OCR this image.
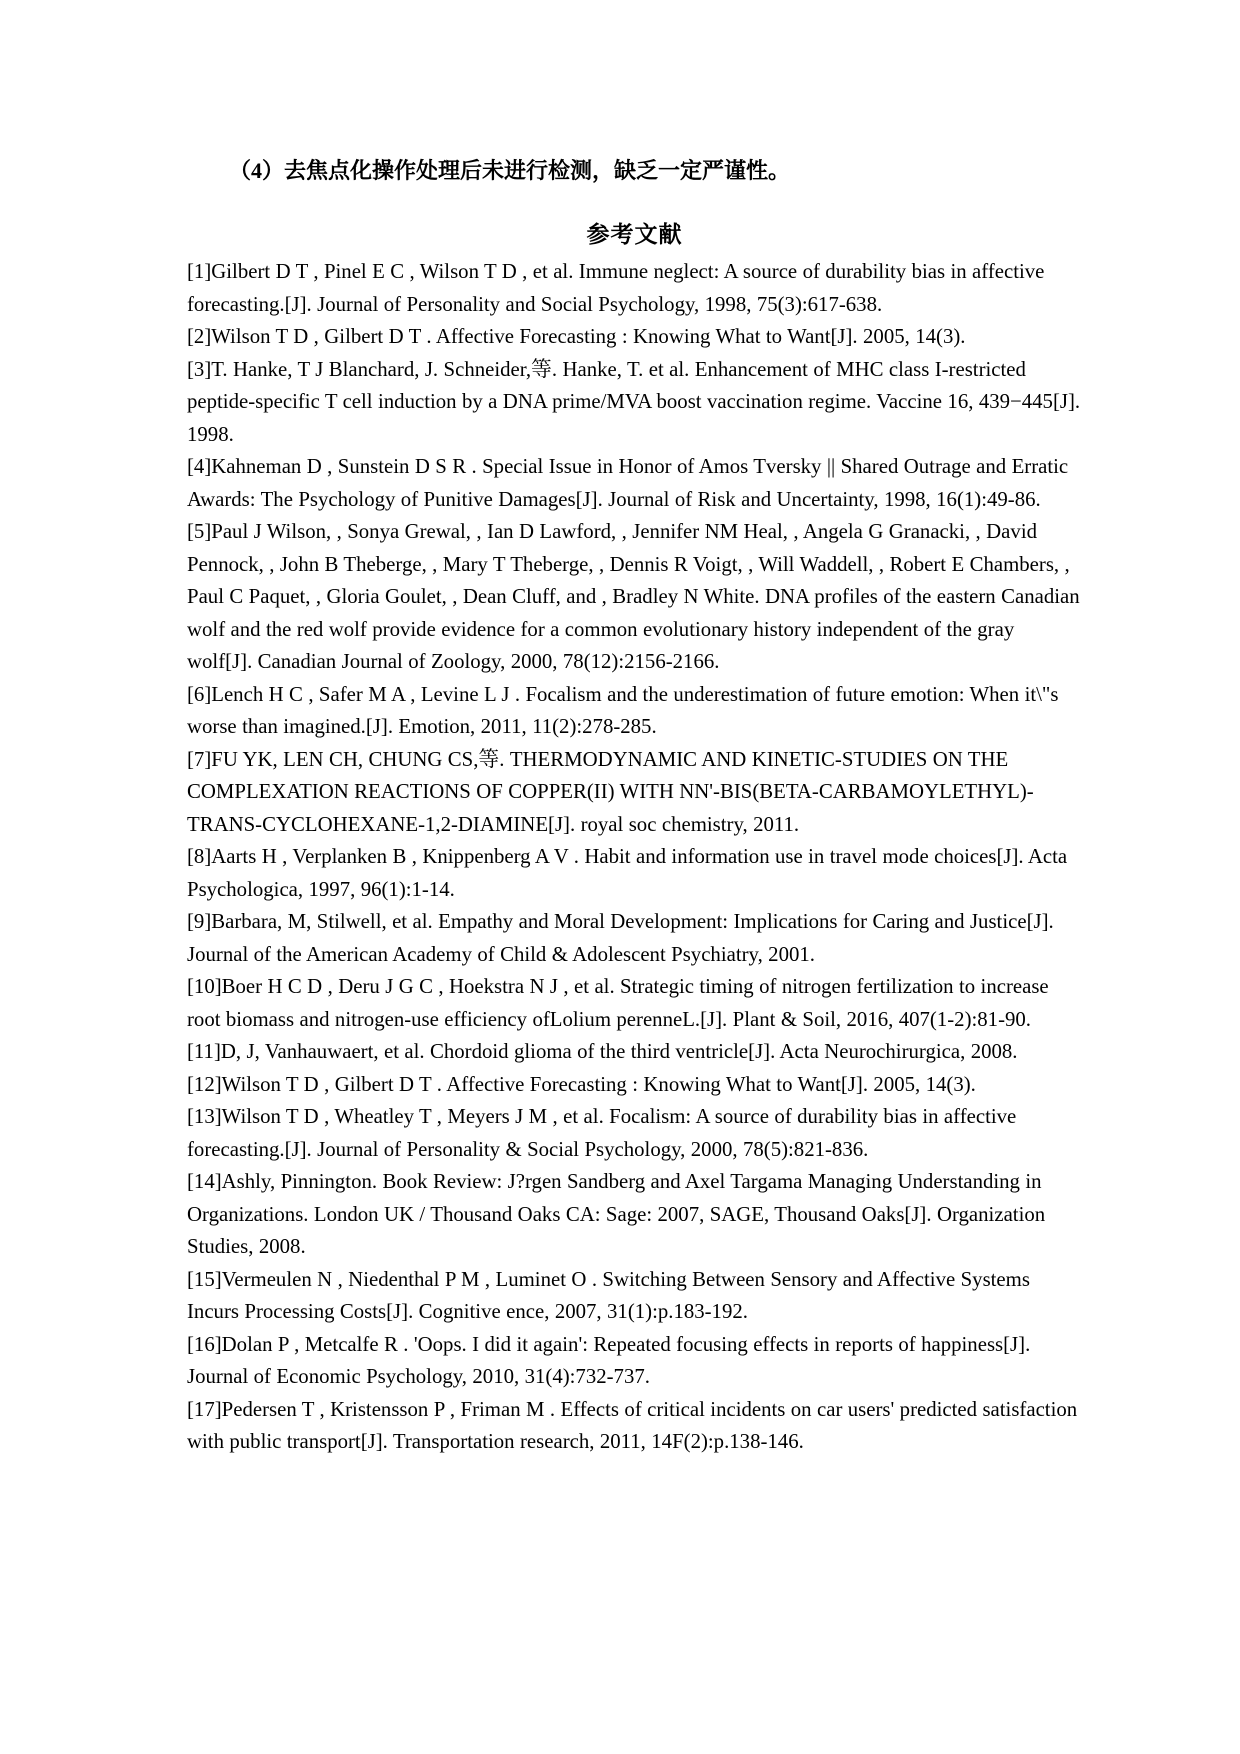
（4）去焦点化操作处理后未进行检测，缺乏一定严谨性。

参考文献

[1]Gilbert D T , Pinel E C , Wilson T D , et al. Immune neglect: A source of durability bias in affective forecasting.[J]. Journal of Personality and Social Psychology, 1998, 75(3):617-638.

[2]Wilson T D , Gilbert D T . Affective Forecasting : Knowing What to Want[J]. 2005, 14(3).

[3]T. Hanke, T J Blanchard, J. Schneider,等. Hanke, T. et al. Enhancement of MHC class I-restricted peptide-specific T cell induction by a DNA prime/MVA boost vaccination regime. Vaccine 16, 439−445[J]. 1998.

[4]Kahneman D , Sunstein D S R . Special Issue in Honor of Amos Tversky || Shared Outrage and Erratic Awards: The Psychology of Punitive Damages[J]. Journal of Risk and Uncertainty, 1998, 16(1):49-86.

[5]Paul J Wilson, , Sonya Grewal, , Ian D Lawford, , Jennifer NM Heal, , Angela G Granacki, , David Pennock, , John B Theberge, , Mary T Theberge, , Dennis R Voigt, , Will Waddell, , Robert E Chambers, , Paul C Paquet, , Gloria Goulet, , Dean Cluff, and , Bradley N White. DNA profiles of the eastern Canadian wolf and the red wolf provide evidence for a common evolutionary history independent of the gray wolf[J]. Canadian Journal of Zoology, 2000, 78(12):2156-2166.

[6]Lench H C , Safer M A , Levine L J . Focalism and the underestimation of future emotion: When it\"s worse than imagined.[J]. Emotion, 2011, 11(2):278-285.

[7]FU YK, LEN CH, CHUNG CS,等. THERMODYNAMIC AND KINETIC-STUDIES ON THE COMPLEXATION REACTIONS OF COPPER(II) WITH NN'-BIS(BETA-CARBAMOYLETHYL)-TRANS-CYCLOHEXANE-1,2-DIAMINE[J]. royal soc chemistry, 2011.

[8]Aarts H , Verplanken B , Knippenberg A V . Habit and information use in travel mode choices[J]. Acta Psychologica, 1997, 96(1):1-14.

[9]Barbara, M, Stilwell, et al. Empathy and Moral Development: Implications for Caring and Justice[J]. Journal of the American Academy of Child & Adolescent Psychiatry, 2001.

[10]Boer H C D , Deru J G C , Hoekstra N J , et al. Strategic timing of nitrogen fertilization to increase root biomass and nitrogen-use efficiency ofLolium perenneL.[J]. Plant & Soil, 2016, 407(1-2):81-90.

[11]D, J, Vanhauwaert, et al. Chordoid glioma of the third ventricle[J]. Acta Neurochirurgica, 2008.

[12]Wilson T D , Gilbert D T . Affective Forecasting : Knowing What to Want[J]. 2005, 14(3).

[13]Wilson T D , Wheatley T , Meyers J M , et al. Focalism: A source of durability bias in affective forecasting.[J]. Journal of Personality & Social Psychology, 2000, 78(5):821-836.

[14]Ashly, Pinnington. Book Review: J?rgen Sandberg and Axel Targama Managing Understanding in Organizations. London UK / Thousand Oaks CA: Sage: 2007, SAGE, Thousand Oaks[J]. Organization Studies, 2008.

[15]Vermeulen N , Niedenthal P M , Luminet O . Switching Between Sensory and Affective Systems Incurs Processing Costs[J]. Cognitive ence, 2007, 31(1):p.183-192.

[16]Dolan P , Metcalfe R . 'Oops. I did it again': Repeated focusing effects in reports of happiness[J]. Journal of Economic Psychology, 2010, 31(4):732-737.

[17]Pedersen T , Kristensson P , Friman M . Effects of critical incidents on car users' predicted satisfaction with public transport[J]. Transportation research, 2011, 14F(2):p.138-146.
